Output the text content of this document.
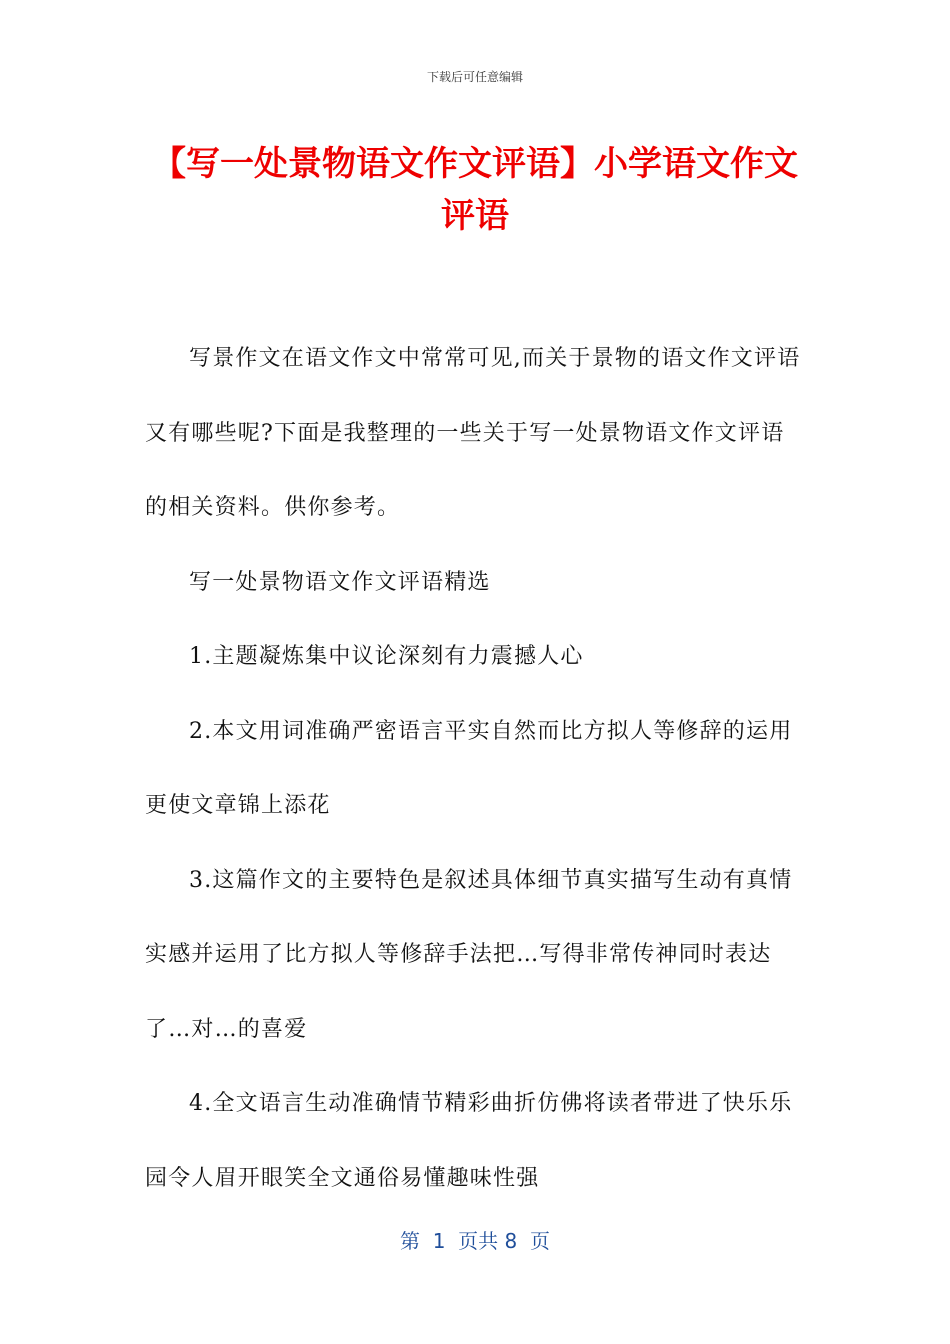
下载后可任意编辑
【写一处景物语文作文评语】小学语文作文评语

写景作文在语文作文中常常可见,而关于景物的语文作文评语又有哪些呢?下面是我整理的一些关于写一处景物语文作文评语的相关资料。供你参考。

写一处景物语文作文评语精选

1.主题凝炼集中议论深刻有力震撼人心

2.本文用词准确严密语言平实自然而比方拟人等修辞的运用更使文章锦上添花

3.这篇作文的主要特色是叙述具体细节真实描写生动有真情实感并运用了比方拟人等修辞手法把…写得非常传神同时表达了…对…的喜爱

4.全文语言生动准确情节精彩曲折仿佛将读者带进了快乐乐园令人眉开眼笑全文通俗易懂趣味性强

第  1  页共 8  页
